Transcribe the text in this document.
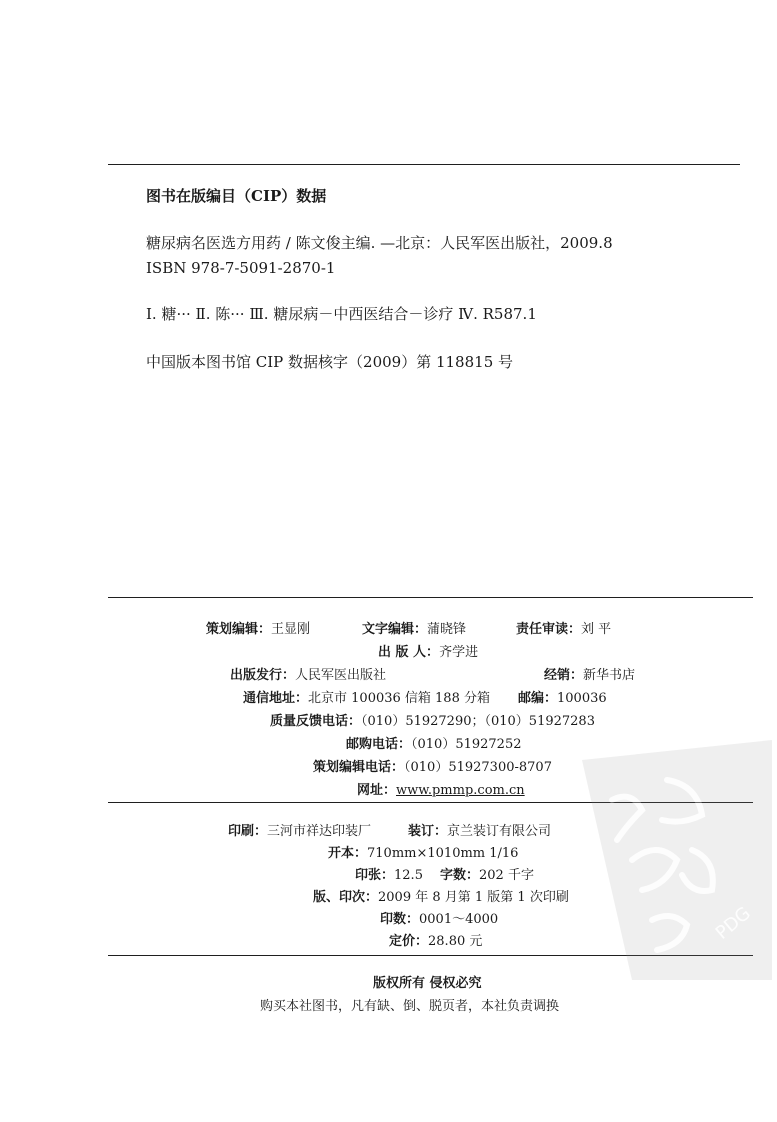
图书在版编目（CIP）数据
糖尿病名医选方用药 / 陈文俊主编. —北京：人民军医出版社，2009.8
ISBN 978-7-5091-2870-1
Ⅰ. 糖··· Ⅱ. 陈··· Ⅲ. 糖尿病－中西医结合－诊疗 Ⅳ. R587.1
中国版本图书馆 CIP 数据核字（2009）第 118815 号
策划编辑：王显刚	文字编辑：蒲晓锋	责任审读：刘 平
出 版 人：齐学进
出版发行：人民军医出版社	经销：新华书店
通信地址：北京市 100036 信箱 188 分箱 邮编：100036
质量反馈电话：（010）51927290；（010）51927283
邮购电话：（010）51927252
策划编辑电话：（010）51927300-8707
网址：www.pmmp.com.cn
印刷：三河市祥达印装厂	装订：京兰装订有限公司
开本：710mm×1010mm 1/16
印张：12.5 字数：202 千字
版、印次：2009 年 8 月第 1 版第 1 次印刷
印数：0001～4000
定价：28.80 元
版权所有 侵权必究
购买本社图书，凡有缺、倒、脱页者，本社负责调换
PDG
